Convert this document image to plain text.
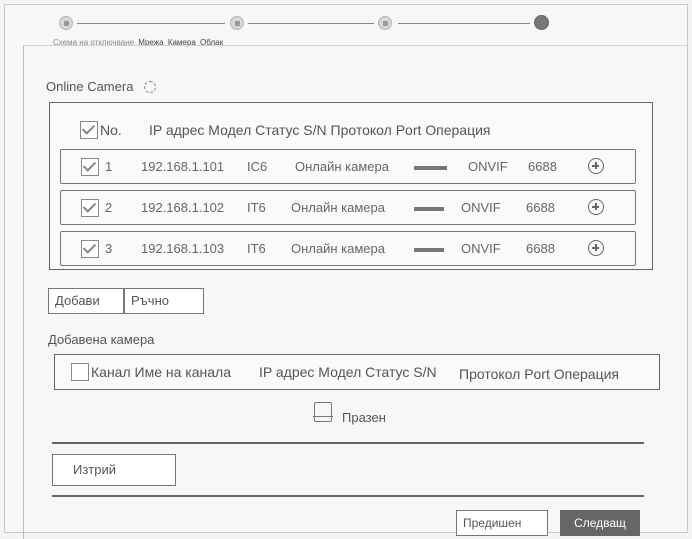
Схема на отключване Мрежа Камера Облак
Online Camera
No. IP адрес Модел Статус S/N Протокол Port Операция
1 192.168.1.101 IC6 Онлайн камера	ONVIF 6688
2 192.168.1.102 IT6 Онлайн камера	ONVIF 6688
3 192.168.1.103 IT6 Онлайн камера	ONVIF 6688
Добави	Ръчно
Добавена камера
Канал Име на канала IP адрес Модел Статус S/N Протокол Port Операция
Празен
Изтрий
Предишен	Следващ
